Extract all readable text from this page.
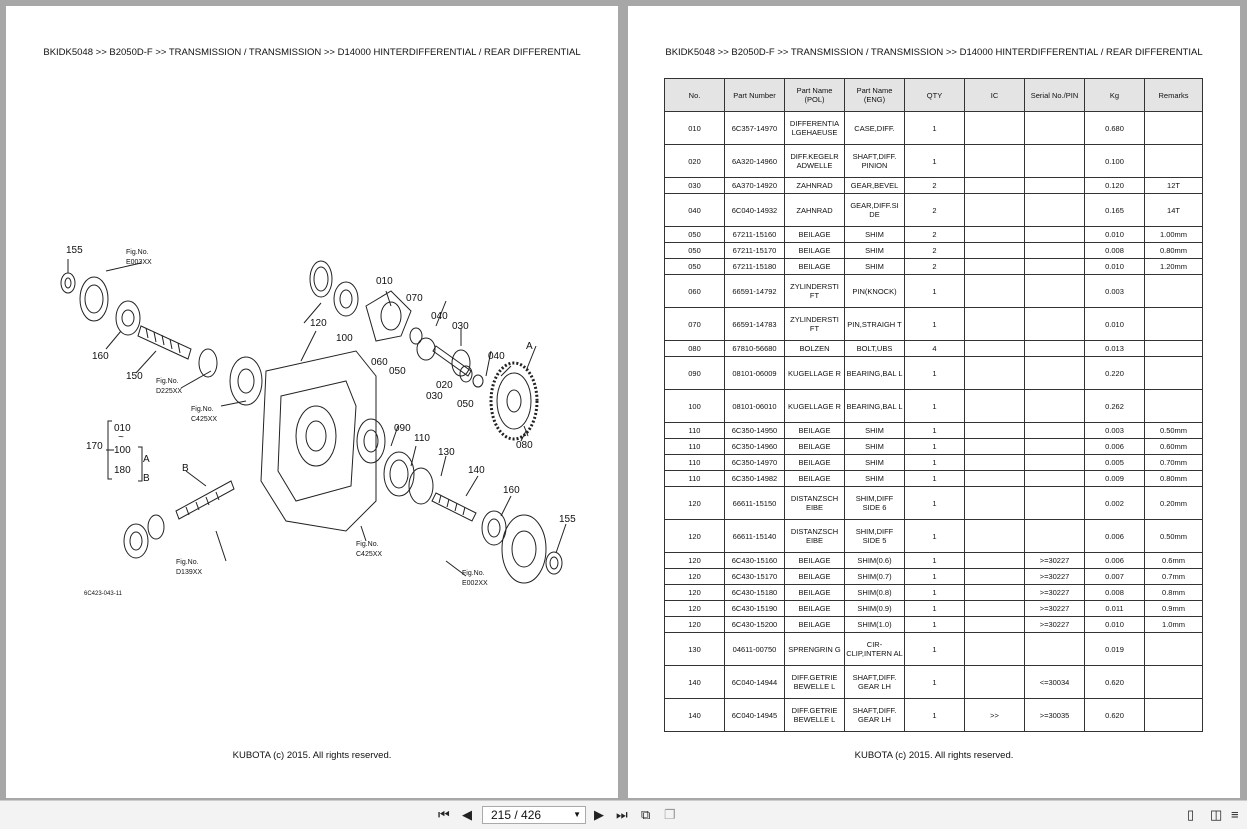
BKIDK5048 >> B2050D-F >> TRANSMISSION / TRANSMISSION >> D14000 HINTERDIFFERENTIAL / REAR DIFFERENTIAL
155	Fig.No.
E003XX
010
070
040
030
120
100
040
A
160
150
060
050
020
Fig.No.
D225XX	030
050
Fig.No.
C425XX
080
010
~
100
170
A
180
B
090
110
130
B	140
160
155
Fig.No.
C425XX
Fig.No.
D139XX	Fig.No.
E002XX
6C423-043-11
KUBOTA (c) 2015. All rights reserved.
BKIDK5048 >> B2050D-F >> TRANSMISSION / TRANSMISSION >> D14000 HINTERDIFFERENTIAL / REAR DIFFERENTIAL
No.	Part Number	Part Name (POL)	Part Name (ENG)	QTY	IC	Serial No./PIN	Kg	Remarks
010	6C357-14970	DIFFERENTIA LGEHAEUSE	CASE,DIFF.	1			0.680	
020	6A320-14960	DIFF.KEGELR ADWELLE	SHAFT,DIFF. PINION	1			0.100	
030	6A370-14920	ZAHNRAD	GEAR,BEVEL	2			0.120	12T
040	6C040-14932	ZAHNRAD	GEAR,DIFF.SI DE	2			0.165	14T
050	67211-15160	BEILAGE	SHIM	2			0.010	1.00mm
050	67211-15170	BEILAGE	SHIM	2			0.008	0.80mm
050	67211-15180	BEILAGE	SHIM	2			0.010	1.20mm
060	66591-14792	ZYLINDERSTI FT	PIN(KNOCK)	1			0.003	
070	66591-14783	ZYLINDERSTI FT	PIN,STRAIGH T	1			0.010	
080	67810-56680	BOLZEN	BOLT,UBS	4			0.013	
090	08101-06009	KUGELLAGE R	BEARING,BAL L	1			0.220	
100	08101-06010	KUGELLAGE R	BEARING,BAL L	1			0.262	
110	6C350-14950	BEILAGE	SHIM	1			0.003	0.50mm
110	6C350-14960	BEILAGE	SHIM	1			0.006	0.60mm
110	6C350-14970	BEILAGE	SHIM	1			0.005	0.70mm
110	6C350-14982	BEILAGE	SHIM	1			0.009	0.80mm
120	66611-15150	DISTANZSCH EIBE	SHIM,DIFF SIDE 6	1			0.002	0.20mm
120	66611-15140	DISTANZSCH EIBE	SHIM,DIFF SIDE 5	1			0.006	0.50mm
120	6C430-15160	BEILAGE	SHIM(0.6)	1		>=30227	0.006	0.6mm
120	6C430-15170	BEILAGE	SHIM(0.7)	1		>=30227	0.007	0.7mm
120	6C430-15180	BEILAGE	SHIM(0.8)	1		>=30227	0.008	0.8mm
120	6C430-15190	BEILAGE	SHIM(0.9)	1		>=30227	0.011	0.9mm
120	6C430-15200	BEILAGE	SHIM(1.0)	1		>=30227	0.010	1.0mm
130	04611-00750	SPRENGRIN G	CIR- CLIP,INTERN AL	1			0.019	
140	6C040-14944	DIFF.GETRIE BEWELLE L	SHAFT,DIFF. GEAR LH	1		<=30034	0.620	
140	6C040-14945	DIFF.GETRIE BEWELLE L	SHAFT,DIFF. GEAR LH	1	>>	>=30035	0.620	
KUBOTA (c) 2015. All rights reserved.
⏮ ◀	215 / 426	▼ ▶ ⏭ ⧉ ❐	▯ ◫ ≡
